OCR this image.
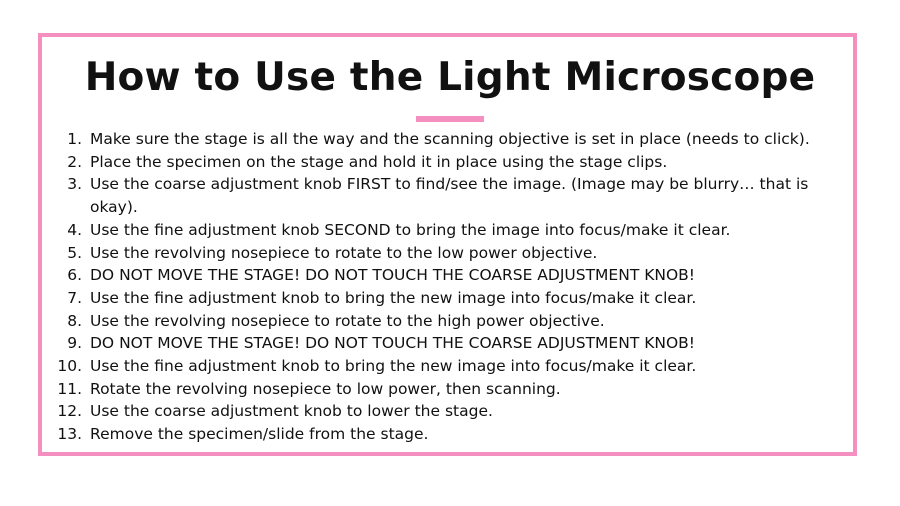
How to Use the Light Microscope
1. Make sure the stage is all the way and the scanning objective is set in place (needs to click).
2. Place the specimen on the stage and hold it in place using the stage clips.
3. Use the coarse adjustment knob FIRST to find/see the image. (Image may be blurry… that is okay).
4. Use the fine adjustment knob SECOND to bring the image into focus/make it clear.
5. Use the revolving nosepiece to rotate to the low power objective.
6. DO NOT MOVE THE STAGE! DO NOT TOUCH THE COARSE ADJUSTMENT KNOB!
7. Use the fine adjustment knob to bring the new image into focus/make it clear.
8. Use the revolving nosepiece to rotate to the high power objective.
9. DO NOT MOVE THE STAGE! DO NOT TOUCH THE COARSE ADJUSTMENT KNOB!
10. Use the fine adjustment knob to bring the new image into focus/make it clear.
11. Rotate the revolving nosepiece to low power, then scanning.
12. Use the coarse adjustment knob to lower the stage.
13. Remove the specimen/slide from the stage.
